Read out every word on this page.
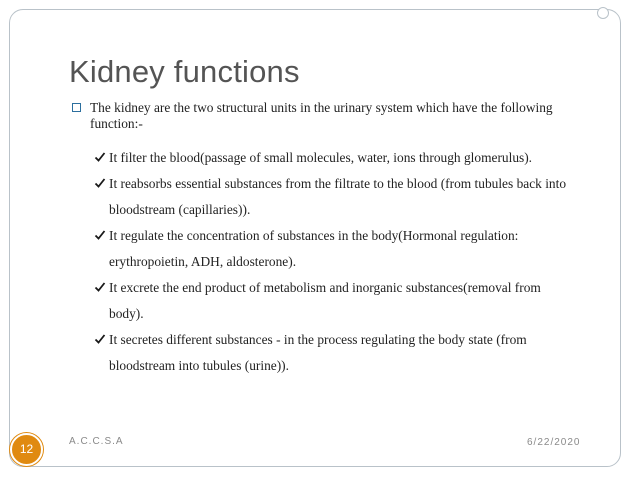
Kidney functions
The kidney are the two structural units in the urinary system which have the following function:-
It filter the blood(passage of small molecules, water, ions through glomerulus).
It reabsorbs essential substances from the filtrate to the blood (from tubules back into
bloodstream (capillaries)).
It regulate the concentration of substances in the body(Hormonal regulation:
erythropoietin, ADH, aldosterone).
It excrete the end product of metabolism and inorganic substances(removal from
body).
It secretes different substances - in the process regulating the body state (from
bloodstream into tubules (urine)).
12
A.C.C.S.A	6/22/2020
